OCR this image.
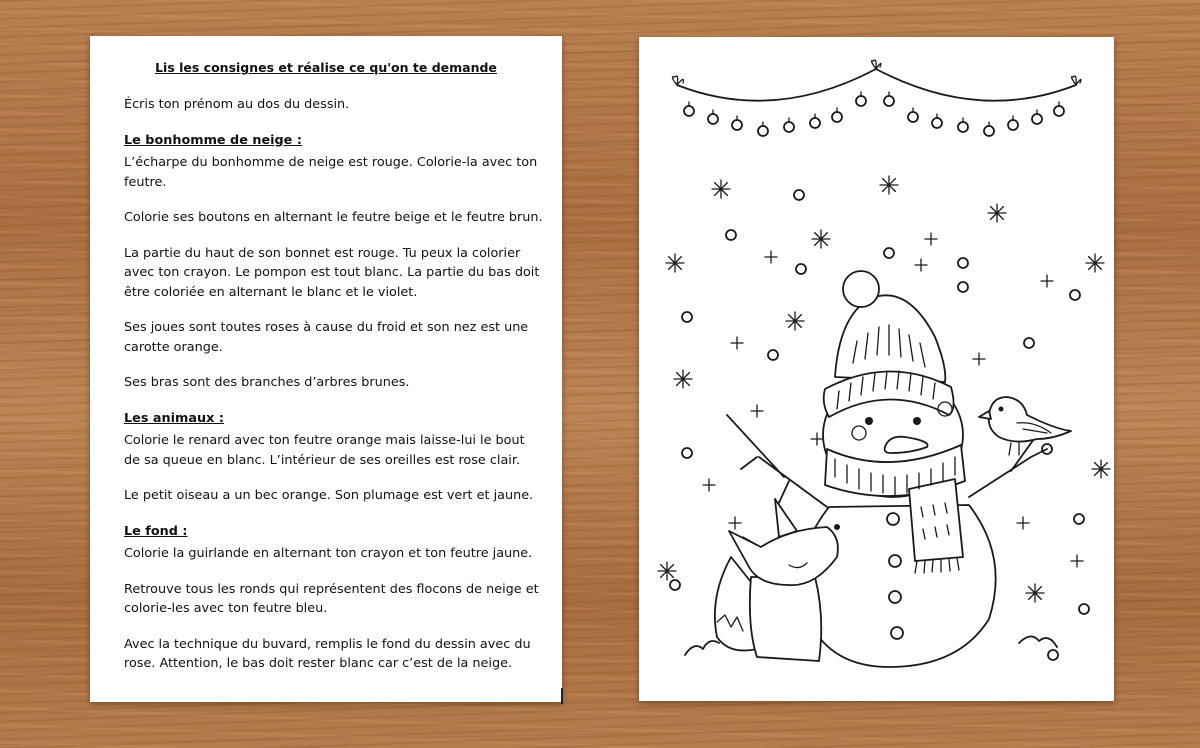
Lis les consignes et réalise ce qu'on te demande
Écris ton prénom au dos du dessin.
Le bonhomme de neige :
L’écharpe du bonhomme de neige est rouge. Colorie-la avec ton feutre.
Colorie ses boutons en alternant le feutre beige et le feutre brun.
La partie du haut de son bonnet est rouge. Tu peux la colorier avec ton crayon. Le pompon est tout blanc. La partie du bas doit être coloriée en alternant le blanc et le violet.
Ses joues sont toutes roses à cause du froid et son nez est une carotte orange.
Ses bras sont des branches d’arbres brunes.
Les animaux :
Colorie le renard avec ton feutre orange mais laisse-lui le bout de sa queue en blanc. L’intérieur de ses oreilles est rose clair.
Le petit oiseau a un bec orange. Son plumage est vert et jaune.
Le fond :
Colorie la guirlande en alternant ton crayon et ton feutre jaune.
Retrouve tous les ronds qui représentent des flocons de neige et colorie-les avec ton feutre bleu.
Avec la technique du buvard, remplis le fond du dessin avec du rose. Attention, le bas doit rester blanc car c’est de la neige.
